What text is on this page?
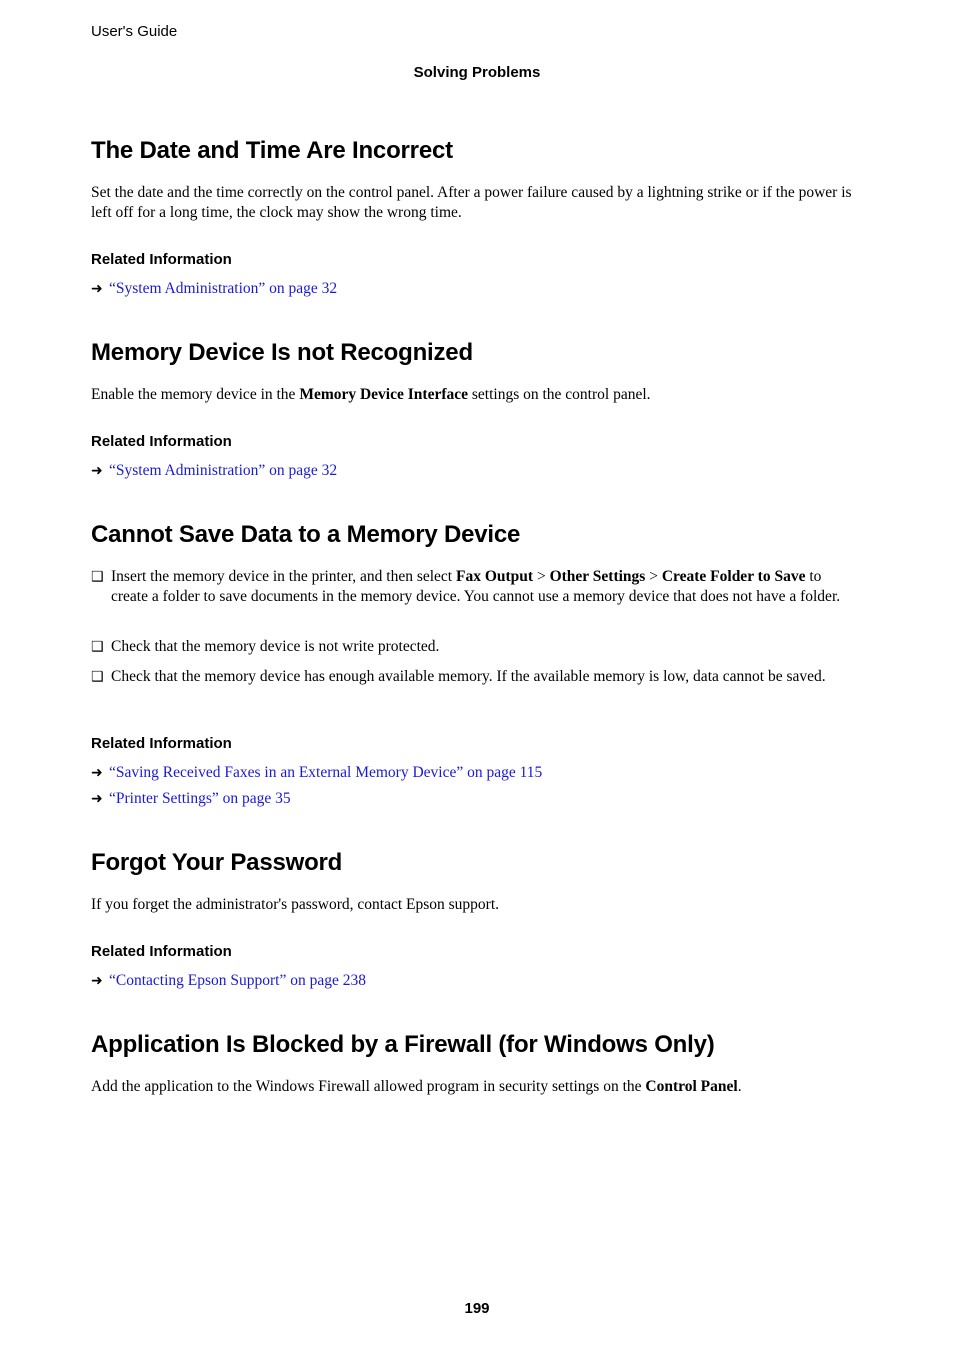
User's Guide
Solving Problems
The Date and Time Are Incorrect
Set the date and the time correctly on the control panel. After a power failure caused by a lightning strike or if the power is left off for a long time, the clock may show the wrong time.
Related Information
➜ “System Administration” on page 32
Memory Device Is not Recognized
Enable the memory device in the Memory Device Interface settings on the control panel.
Related Information
➜ “System Administration” on page 32
Cannot Save Data to a Memory Device
❑ Insert the memory device in the printer, and then select Fax Output > Other Settings > Create Folder to Save to create a folder to save documents in the memory device. You cannot use a memory device that does not have a folder.
❑ Check that the memory device is not write protected.
❑ Check that the memory device has enough available memory. If the available memory is low, data cannot be saved.
Related Information
➜ “Saving Received Faxes in an External Memory Device” on page 115
➜ “Printer Settings” on page 35
Forgot Your Password
If you forget the administrator's password, contact Epson support.
Related Information
➜ “Contacting Epson Support” on page 238
Application Is Blocked by a Firewall (for Windows Only)
Add the application to the Windows Firewall allowed program in security settings on the Control Panel.
199
